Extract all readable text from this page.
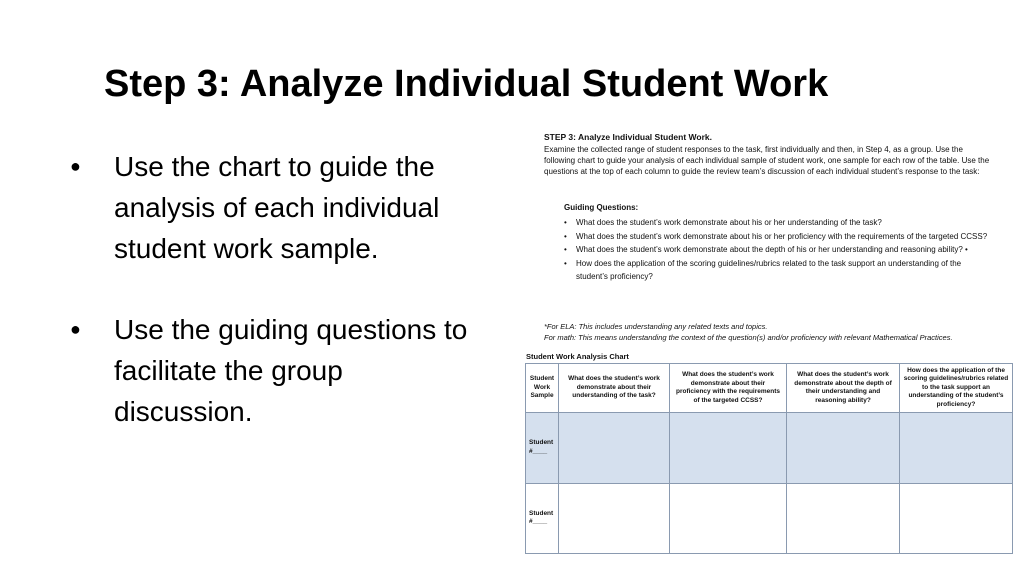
Step 3: Analyze Individual Student Work
● Use the chart to guide the analysis of each individual student work sample.
● Use the guiding questions to facilitate the group discussion.

STEP 3: Analyze Individual Student Work.

Examine the collected range of student responses to the task, first individually and then, in Step 4, as a group. Use the following chart to guide your analysis of each individual sample of student work, one sample for each row of the table. Use the questions at the top of each column to guide the review team’s discussion of each individual student’s response to the task:

Guiding Questions:

• What does the student’s work demonstrate about his or her understanding of the task?
• What does the student’s work demonstrate about his or her proficiency with the requirements of the targeted CCSS?
• What does the student’s work demonstrate about the depth of his or her understanding and reasoning ability? •
• How does the application of the scoring guidelines/rubrics related to the task support an understanding of the student’s proficiency?
*For ELA: This includes understanding any related texts and topics.
For math: This means understanding the context of the question(s) and/or proficiency with relevant Mathematical Practices.

Student Work Analysis Chart

Student Work Sample	What does the student’s work demonstrate about their understanding of the task?	What does the student’s work demonstrate about their proficiency with the requirements of the targeted CCSS?	What does the student’s work demonstrate about the depth of their understanding and reasoning ability?	How does the application of the scoring guidelines/rubrics related to the task support an understanding of the student’s proficiency?
Student #____				
Student #____				
